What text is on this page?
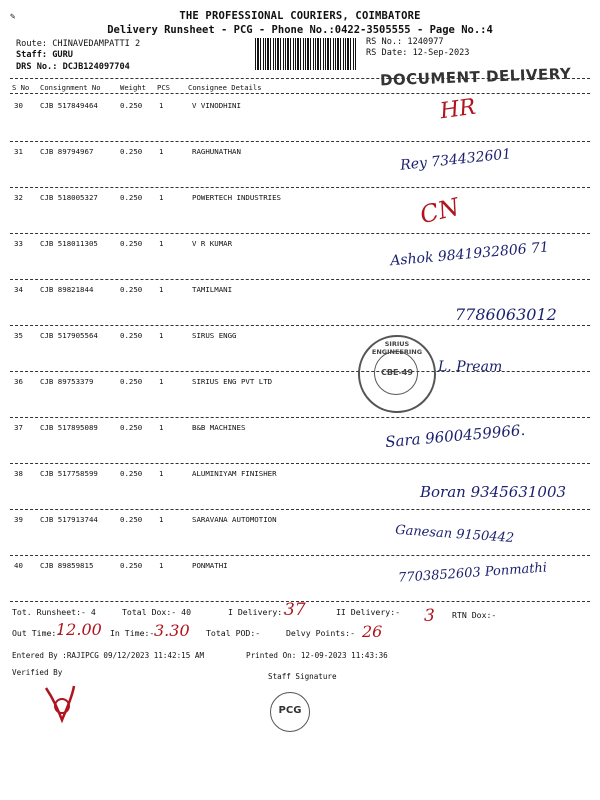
✎	THE PROFESSIONAL COURIERS, COIMBATORE
Delivery Runsheet - PCG - Phone No.:0422-3505555 - Page No.:4
Route: CHINAVEDAMPATTI 2
Staff: GURU
DRS No.: DCJB124097704
RS No.: 1240977
RS Date: 12-Sep-2023
DOCUMENT DELIVERY
S No Consignment No	Weight PCS	Consignee Details
30 CJB 517849464	0.250 1	V VINODHINI	HR
31 CJB 89794967	0.250 1	RAGHUNATHAN	Rey 734432601
32 CJB 518005327	0.250 1	POWERTECH INDUSTRIES	CN
33 CJB 518011305	0.250 1	V R KUMAR	Ashok 9841932806 71
34 CJB 89821844	0.250 1	TAMILMANI
7786063012
35 CJB 517905564	0.250 1	SIRUS ENGG
L. Pream
36 CJB 89753379	0.250 1	SIRIUS ENG PVT LTD
37 CJB 517895089	0.250 1	B&B MACHINES	Sara 9600459966.
38 CJB 517758599	0.250 1	ALUMINIYAM FINISHER
Boran 9345631003
39 CJB 517913744	0.250 1	SARAVANA AUTOMOTION
Ganesan 9150442
40 CJB 89859815	0.250 1	PONMATHI	7703852603 Ponmathi
SIRIUS ENGINEERING
CBE-49
Tot. Runsheet:- 4	Total Dox:- 40	I Delivery:-
37	II Delivery:- 3 RTN Dox:-
Out Time:-
12.00 In Time:- 3.30 Total POD:-	Delvy Points:- 26
Entered By :RAJIPCG 09/12/2023 11:42:15 AM	Printed On: 12-09-2023 11:43:36
Verified By	Staff Signature
PCG
